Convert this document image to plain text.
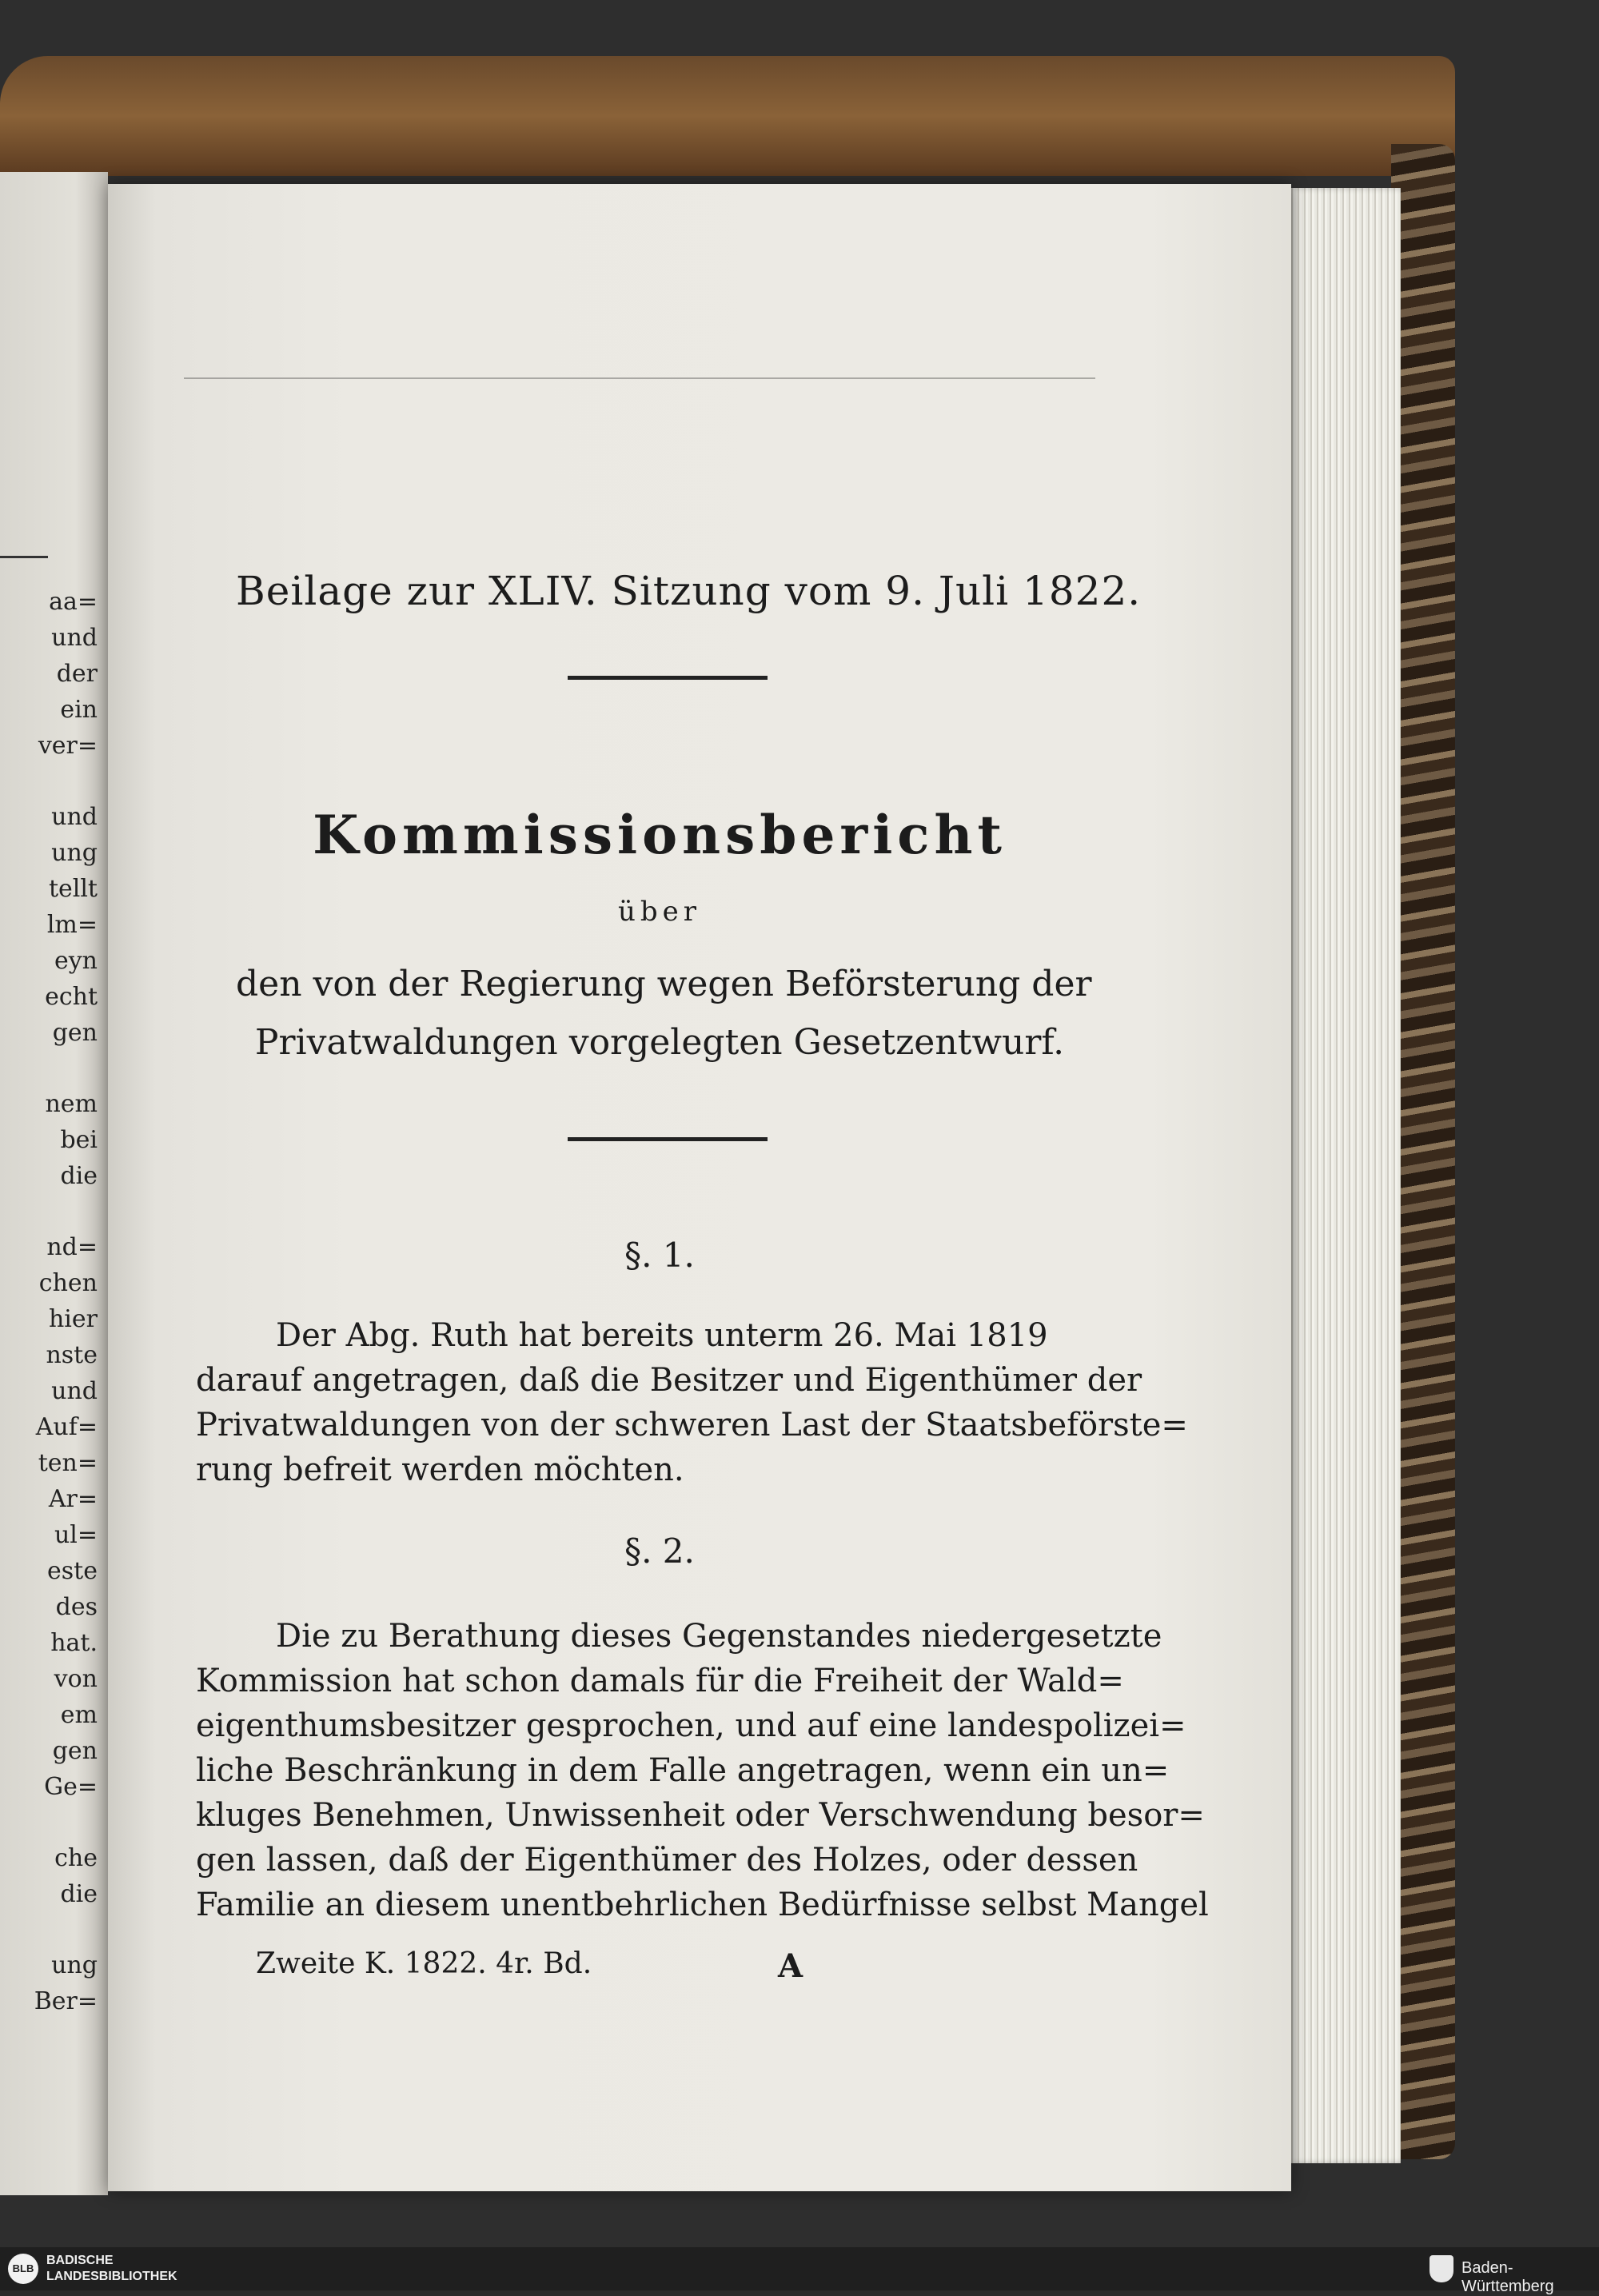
aa=
und
der
ein
ver=
und
ung
tellt
lm=
eyn
echt
gen
nem
bei
die
nd=
chen
hier
nste
und
Auf=
ten=
Ar=
ul=
este
des
hat.
von
em
gen
Ge=
che
die
ung
Ber=
Beilage zur XLIV. Sitzung vom 9. Juli 1822.
Kommissionsbericht
über
den von der Regierung wegen Beförsterung der
Privatwaldungen vorgelegten Gesetzentwurf.
§. 1.
Der Abg. Ruth hat bereits unterm 26. Mai 1819
darauf angetragen, daß die Besitzer und Eigenthümer der
Privatwaldungen von der schweren Last der Staatsbeförste=
rung befreit werden möchten.
§. 2.
Die zu Berathung dieses Gegenstandes niedergesetzte
Kommission hat schon damals für die Freiheit der Wald=
eigenthumsbesitzer gesprochen, und auf eine landespolizei=
liche Beschränkung in dem Falle angetragen, wenn ein un=
kluges Benehmen, Unwissenheit oder Verschwendung besor=
gen lassen, daß der Eigenthümer des Holzes, oder dessen
Familie an diesem unentbehrlichen Bedürfnisse selbst Mangel
Zweite K. 1822. 4r. Bd.	A
BLB
BADISCHE
LANDESBIBLIOTHEK	Baden-Württemberg
